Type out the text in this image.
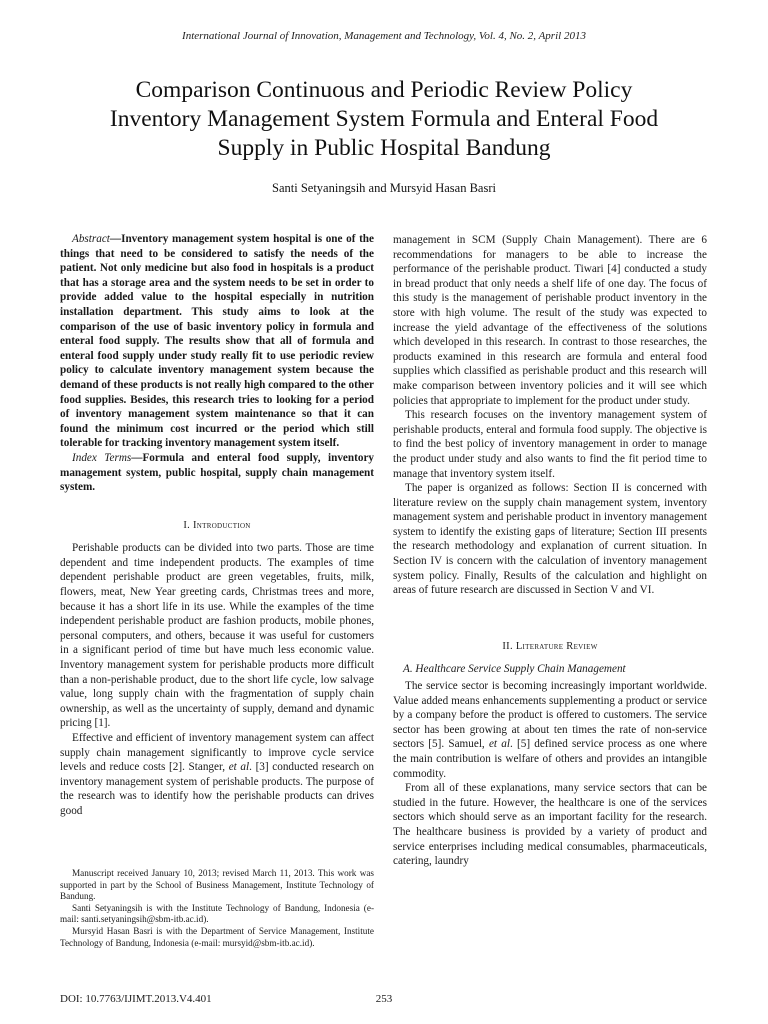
International Journal of Innovation, Management and Technology, Vol. 4, No. 2, April 2013
Comparison Continuous and Periodic Review Policy
Inventory Management System Formula and Enteral Food
Supply in Public Hospital Bandung
Santi Setyaningsih and Mursyid Hasan Basri

Abstract—Inventory management system hospital is one of the things that need to be considered to satisfy the needs of the patient. Not only medicine but also food in hospitals is a product that has a storage area and the system needs to be set in order to provide added value to the hospital especially in nutrition installation department. This study aims to look at the comparison of the use of basic inventory policy in formula and enteral food supply. The results show that all of formula and enteral food supply under study really fit to use periodic review policy to calculate inventory management system because the demand of these products is not really high compared to the other food supplies. Besides, this research tries to looking for a period of inventory management system maintenance so that it can found the minimum cost incurred or the period which still tolerable for tracking inventory management system itself.

Index Terms—Formula and enteral food supply, inventory management system, public hospital, supply chain management system.

I. Introduction

Perishable products can be divided into two parts. Those are time dependent and time independent products. The examples of time dependent perishable product are green vegetables, fruits, milk, flowers, meat, New Year greeting cards, Christmas trees and more, because it has a short life in its use. While the examples of the time independent perishable product are fashion products, mobile phones, personal computers, and others, because it was useful for customers in a significant period of time but have much less economic value. Inventory management system for perishable products more difficult than a non-perishable product, due to the short life cycle, low salvage value, long supply chain with the fragmentation of supply chain ownership, as well as the uncertainty of supply, demand and dynamic pricing [1].

Effective and efficient of inventory management system can affect supply chain management significantly to improve cycle service levels and reduce costs [2]. Stanger, et al. [3] conducted research on inventory management system of perishable products. The purpose of the research was to identify how the perishable products can drives good

Manuscript received January 10, 2013; revised March 11, 2013. This work was supported in part by the School of Business Management, Institute Technology of Bandung.

Santi Setyaningsih is with the Institute Technology of Bandung, Indonesia (e-mail: santi.setyaningsih@sbm-itb.ac.id).

Mursyid Hasan Basri is with the Department of Service Management, Institute Technology of Bandung, Indonesia (e-mail: mursyid@sbm-itb.ac.id).

management in SCM (Supply Chain Management). There are 6 recommendations for managers to be able to increase the performance of the perishable product. Tiwari [4] conducted a study in bread product that only needs a shelf life of one day. The focus of this study is the management of perishable product inventory in the store with high volume. The result of the study was expected to increase the yield advantage of the effectiveness of the solutions which developed in this research. In contrast to those researches, the products examined in this research are formula and enteral food supplies which classified as perishable product and this research will make comparison between inventory policies and it will see which policies that appropriate to implement for the product under study.

This research focuses on the inventory management system of perishable products, enteral and formula food supply. The objective is to find the best policy of inventory management in order to manage the product under study and also wants to find the fit period time to manage that inventory system itself.

The paper is organized as follows: Section II is concerned with literature review on the supply chain management system, inventory management system and perishable product in inventory management system to identify the existing gaps of literature; Section III presents the research methodology and explanation of current situation. In Section IV is concern with the calculation of inventory management system policy. Finally, Results of the calculation and highlight on areas of future research are discussed in Section V and VI.

II. Literature Review
A. Healthcare Service Supply Chain Management

The service sector is becoming increasingly important worldwide. Value added means enhancements supplementing a product or service by a company before the product is offered to customers. The service sector has been growing at about ten times the rate of non-service sectors [5]. Samuel, et al. [5] defined service process as one where the main contribution is welfare of others and provides an intangible commodity.

From all of these explanations, many service sectors that can be studied in the future. However, the healthcare is one of the services sectors which should serve as an important facility for the research. The healthcare business is provided by a variety of product and service enterprises including medical consumables, pharmaceuticals, catering, laundry

DOI: 10.7763/IJIMT.2013.V4.401	253
